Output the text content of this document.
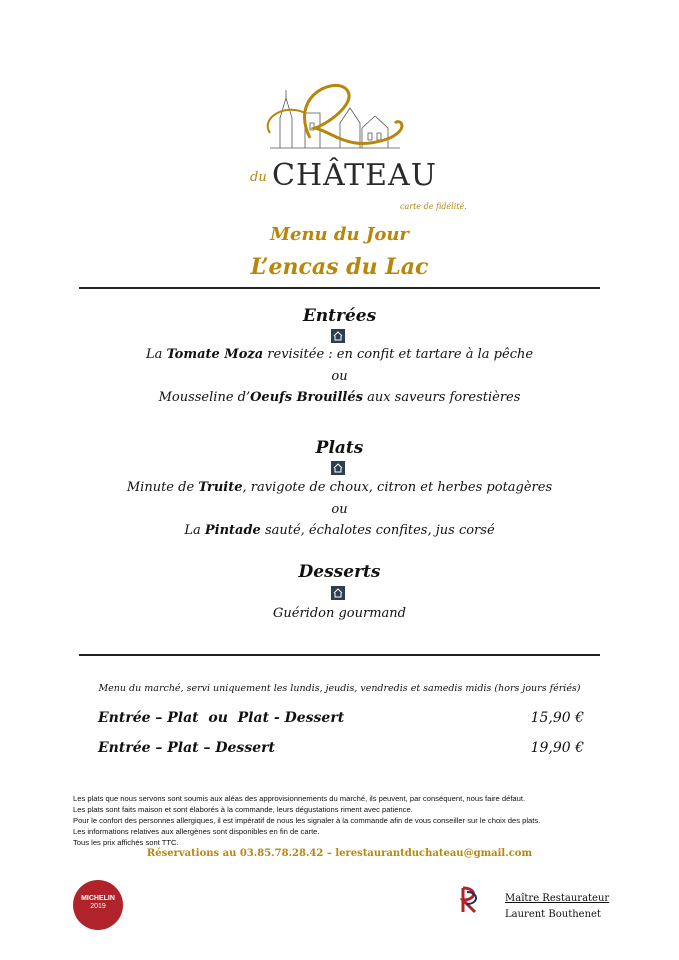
du CHÂTEAU
carte de fidélité.
Menu du Jour
L’encas du Lac
Entrées
La Tomate Moza revisitée : en confit et tartare à la pêche
ou
Mousseline d’Oeufs Brouillés aux saveurs forestières
Plats
Minute de Truite, ravigote de choux, citron et herbes potagères
ou
La Pintade sauté, échalotes confites, jus corsé
Desserts
Guéridon gourmand
Menu du marché, servi uniquement les lundis, jeudis, vendredis et samedis midis (hors jours fériés)
Entrée – Plat  ou  Plat - Dessert	15,90 €
Entrée – Plat – Dessert	19,90 €
Les plats que nous servons sont soumis aux aléas des approvisionnements du marché, ils peuvent, par conséquent, nous faire défaut.
Les plats sont faits maison et sont élaborés à la commande, leurs dégustations riment avec patience.
Pour le confort des personnes allergiques, il est impératif de nous les signaler à la commande afin de vous conseiller sur le choix des plats.
Les informations relatives aux allergènes sont disponibles en fin de carte.
Tous les prix affichés sont TTC.
Réservations au 03.85.78.28.42 – lerestaurantduchateau@gmail.com
MICHELIN
2019
Maître Restaurateur
Laurent Bouthenet
